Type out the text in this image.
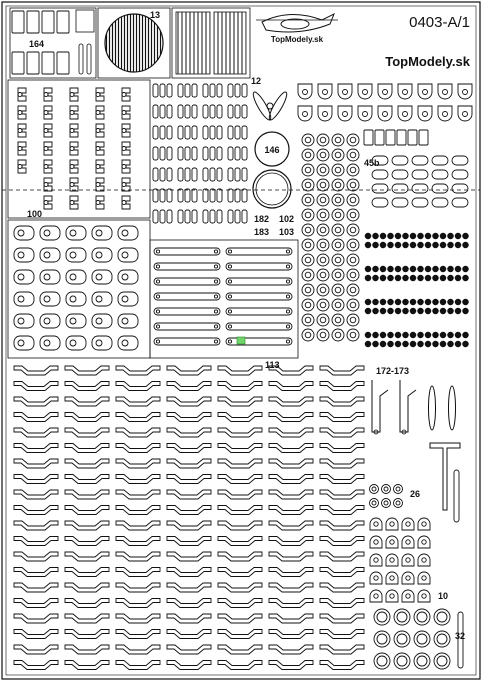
0403-A/1
TopModely.sk
TopModely.sk
13
164
12
146
45b
100	182 102
183 103
113
172-173
26
10
32
